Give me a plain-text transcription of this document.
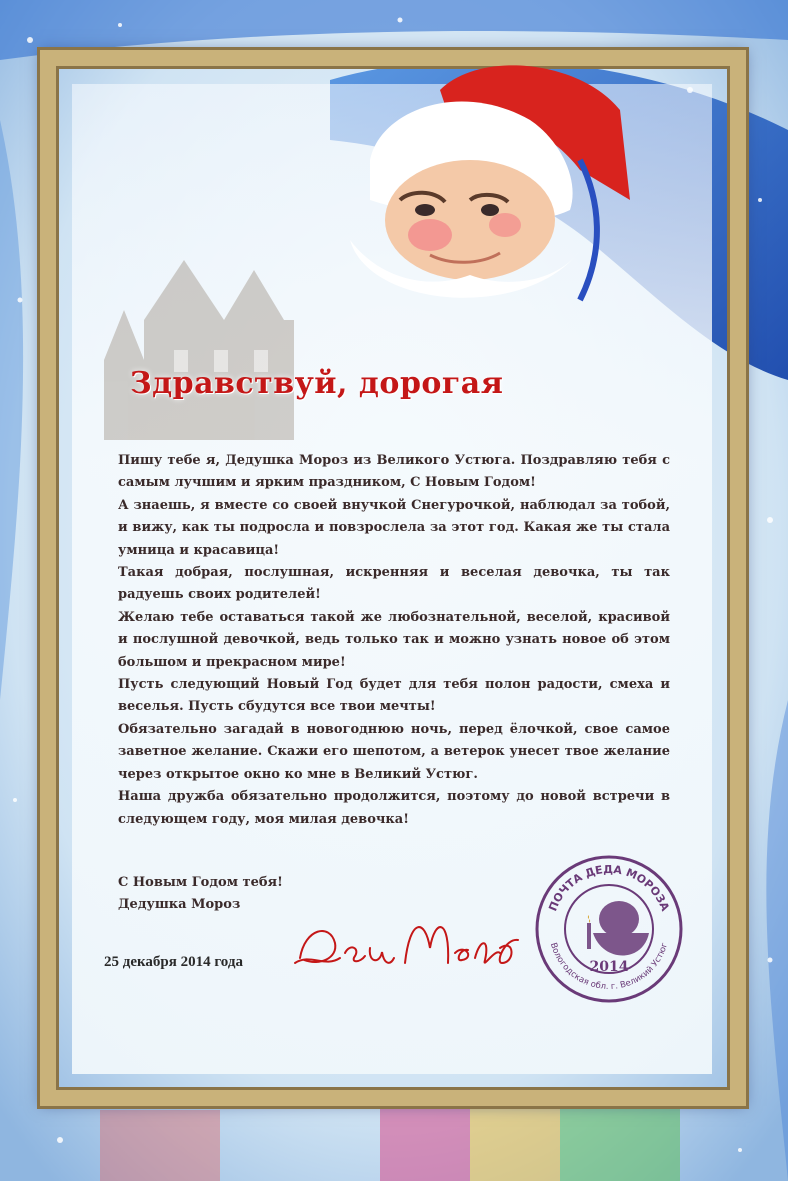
Здравствуй, дорогая

Пишу тебе я, Дедушка Мороз из Великого Устюга. Поздравляю тебя с самым лучшим и ярким праздником, С Новым Годом!

А знаешь, я вместе со своей внучкой Снегурочкой, наблюдал за тобой, и вижу, как ты подросла и повзрослела за этот год. Какая же ты стала умница и красавица!

Такая добрая, послушная, искренняя и веселая девочка, ты так радуешь своих родителей!

Желаю тебе оставаться такой же любознательной, веселой, красивой и послушной девочкой, ведь только так и можно узнать новое об этом большом и прекрасном мире!

Пусть следующий Новый Год будет для тебя полон радости, смеха и веселья. Пусть сбудутся все твои мечты!

Обязательно загадай в новогоднюю ночь, перед ёлочкой, свое самое заветное желание. Скажи его шепотом, а ветерок унесет твое желание через открытое окно ко мне в Великий Устюг.

Наша дружба обязательно продолжится, поэтому до новой встречи в следующем году, моя милая девочка!

С Новым Годом тебя!

Дедушка Мороз

25 декабря 2014 года
ПОЧТА ДЕДА МОРОЗА
Вологодская обл. г. Великий Устюг
2014
